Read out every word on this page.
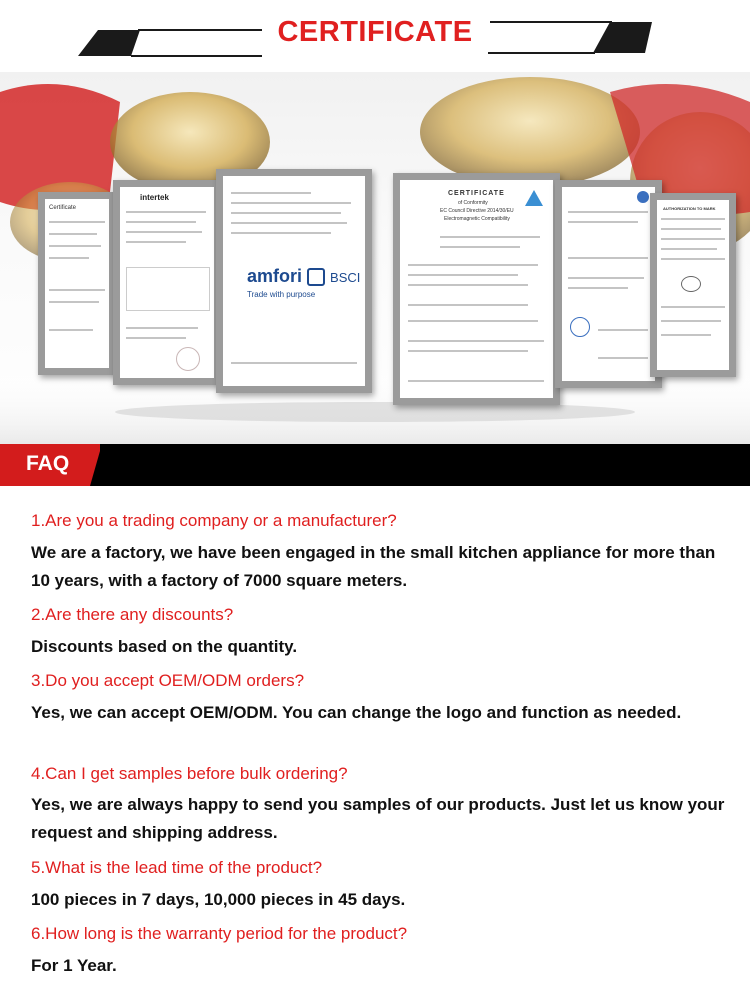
CERTIFICATE
Certificate
intertek
amfori BSCI
Trade with purpose
CERTIFICATE
of Conformity
EC Council Directive 2014/30/EU
Electromagnetic Compatibility
AUTHORIZATION TO MARK
FAQ
1.Are you a trading company or a manufacturer?
We are a factory, we have been engaged in the small kitchen appliance for more than 10 years, with a factory of 7000 square meters.
2.Are there any discounts?
Discounts based on the quantity.
3.Do you accept OEM/ODM orders?
Yes, we can accept OEM/ODM. You can change the logo and function as needed.
4.Can I get samples before bulk ordering?
Yes, we are always happy to send you samples of our products. Just let us know your request and shipping address.
5.What is the lead time of the product?
100 pieces in 7 days, 10,000 pieces in 45 days.
6.How long is the warranty period for the product?
For 1 Year.
